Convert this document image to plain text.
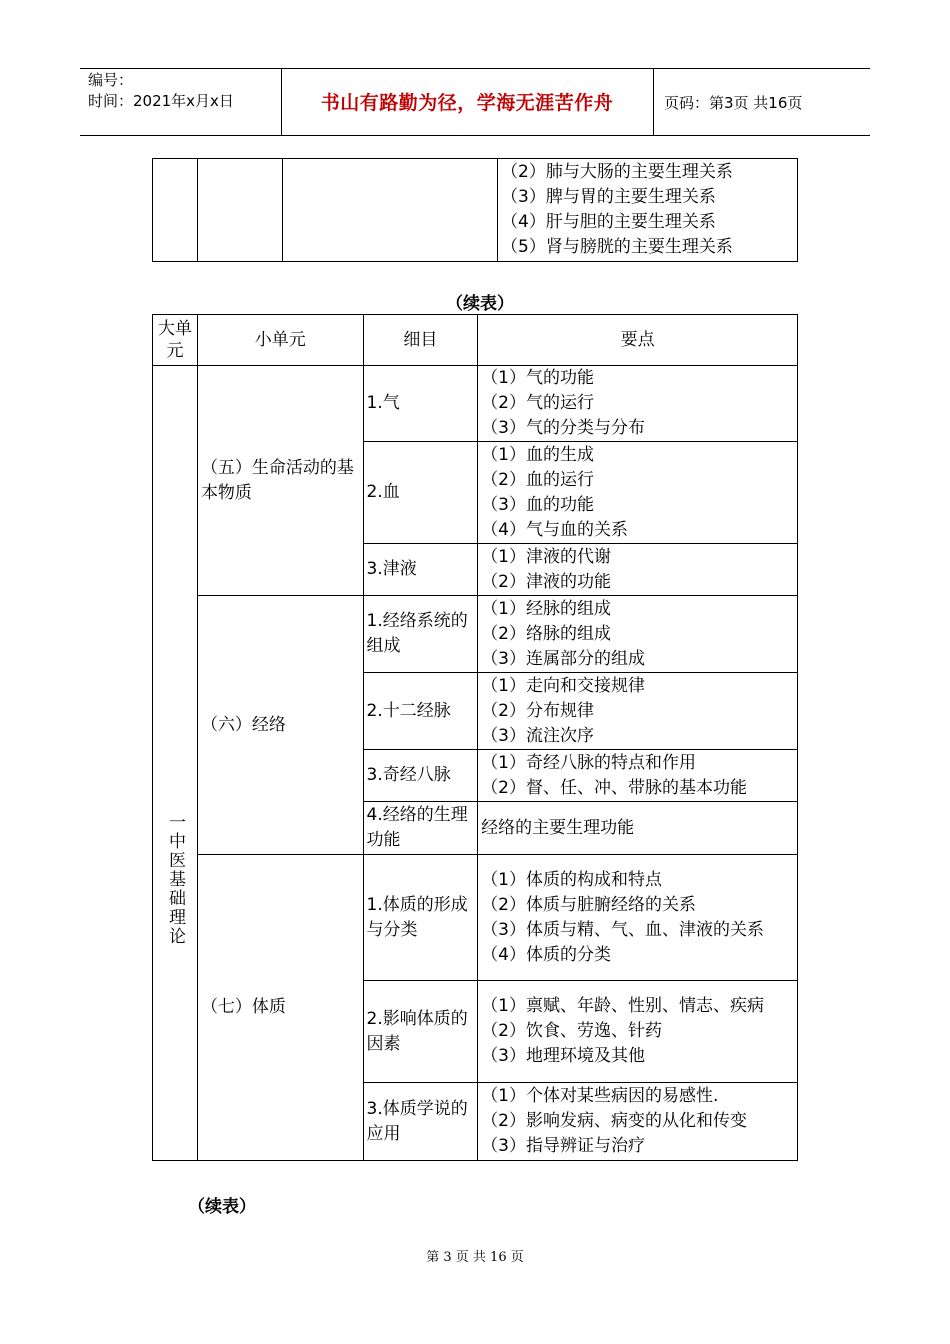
编号：
时间：2021年x月x日	书山有路勤为径，学海无涯苦作舟	页码：第3页 共16页

（2）肺与大肠的主要生理关系
（3）脾与胃的主要生理关系
（4）肝与胆的主要生理关系
（5）肾与膀胱的主要生理关系
（续表）
大单元	小单元	细目	要点
一中医基础理论	（五）生命活动的基本物质	1.气	（1）气的功能
（2）气的运行
（3）气的分类与分布

		2.血	（1）血的生成
（2）血的运行
（3）血的功能
（4）气与血的关系

		3.津液	（1）津液的代谢
（2）津液的功能

	（六）经络	1.经络系统的组成	（1）经脉的组成
（2）络脉的组成
（3）连属部分的组成

		2.十二经脉	（1）走向和交接规律
（2）分布规律
（3）流注次序

		3.奇经八脉	（1）奇经八脉的特点和作用
（2）督、任、冲、带脉的基本功能

		4.经络的生理功能	经络的主要生理功能

	（七）体质	1.体质的形成与分类	（1）体质的构成和特点
（2）体质与脏腑经络的关系
（3）体质与精、气、血、津液的关系
（4）体质的分类

		2.影响体质的因素	（1）禀赋、年龄、性别、情志、疾病
（2）饮食、劳逸、针药
（3）地理环境及其他

		3.体质学说的应用	（1）个体对某些病因的易感性.
（2）影响发病、病变的从化和传变
（3）指导辨证与治疗
（续表）
第 3 页 共 16 页
